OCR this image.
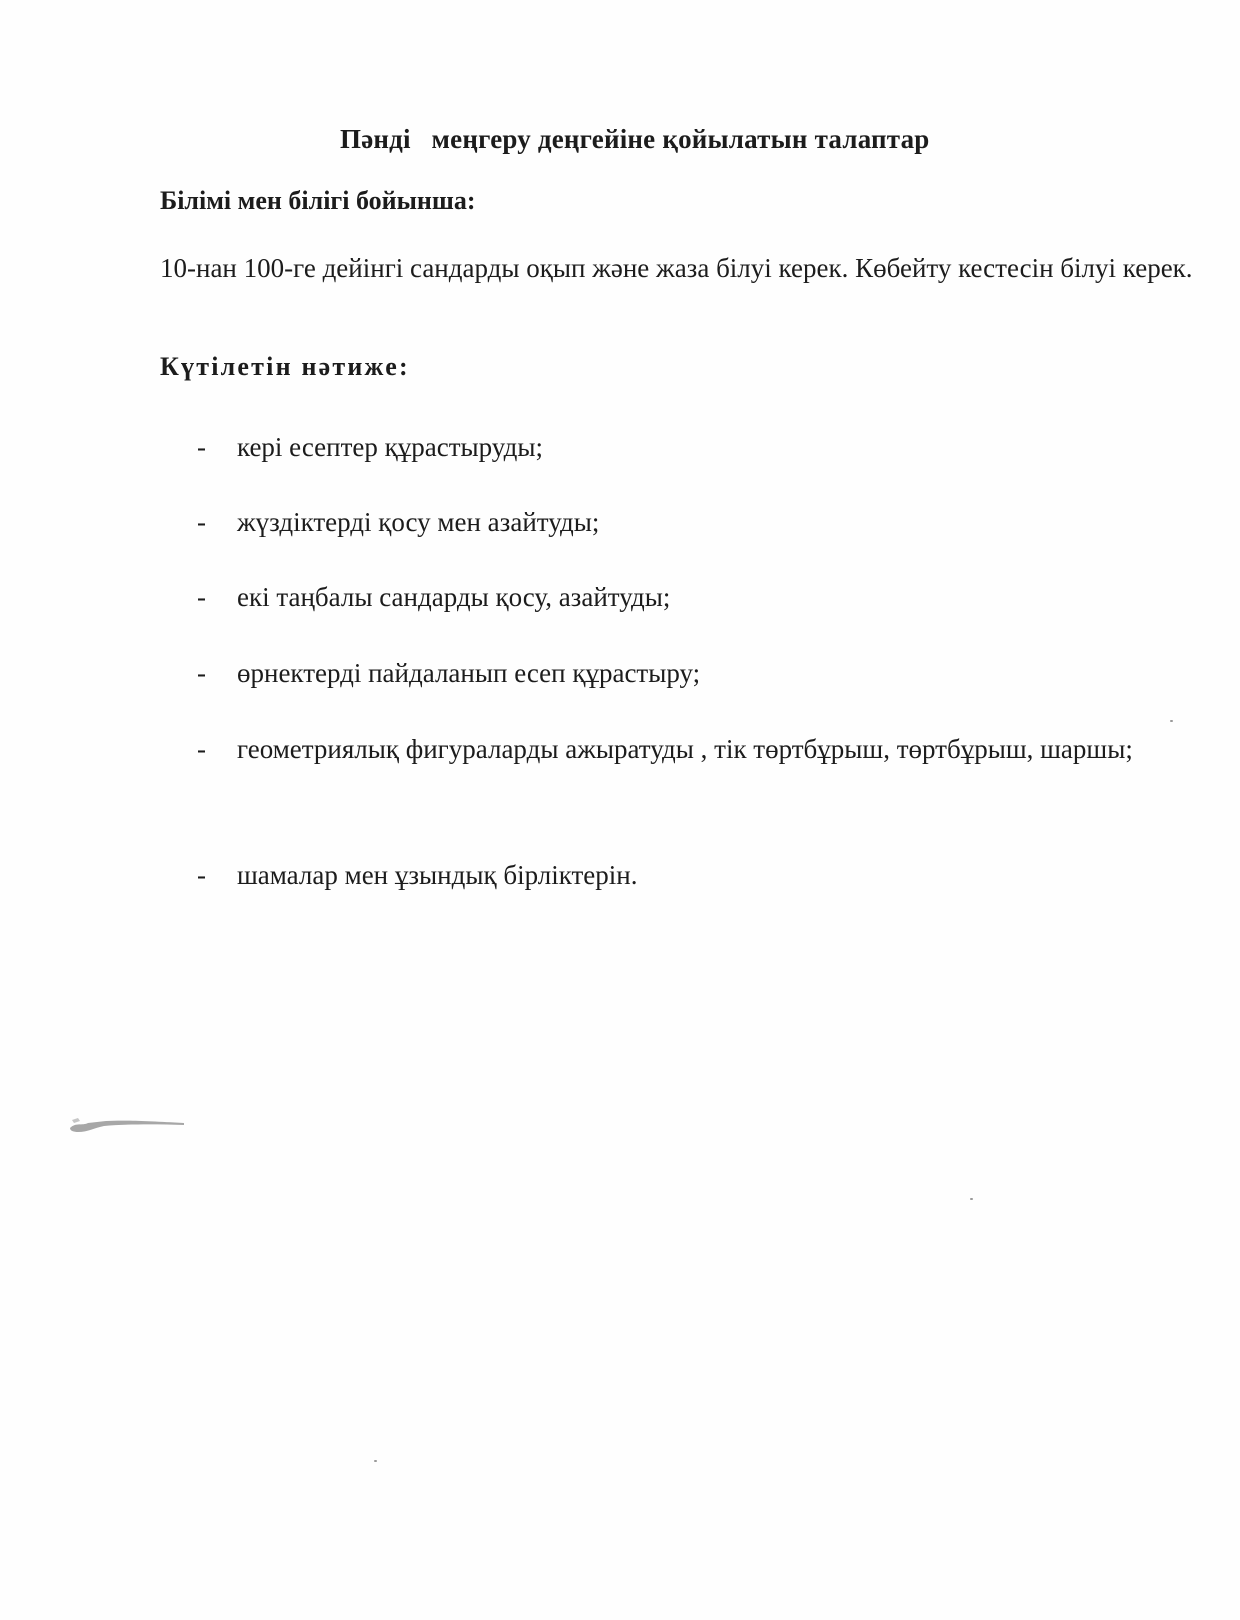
Пәнді   меңгеру деңгейіне қойылатын талаптар
Білімі мен білігі бойынша:
10-нан 100-ге дейінгі сандарды оқып және жаза білуі керек. Көбейту кестесін білуі керек.
Күтілетін нәтиже:
-	кері есептер құрастыруды;
-	жүздіктерді қосу мен азайтуды;
-	екі таңбалы сандарды қосу, азайтуды;
-	өрнектерді пайдаланып есеп құрастыру;
-	геометриялық фигураларды ажыратуды , тік төртбұрыш, төртбұрыш, шаршы;
-	шамалар мен ұзындық бірліктерін.
